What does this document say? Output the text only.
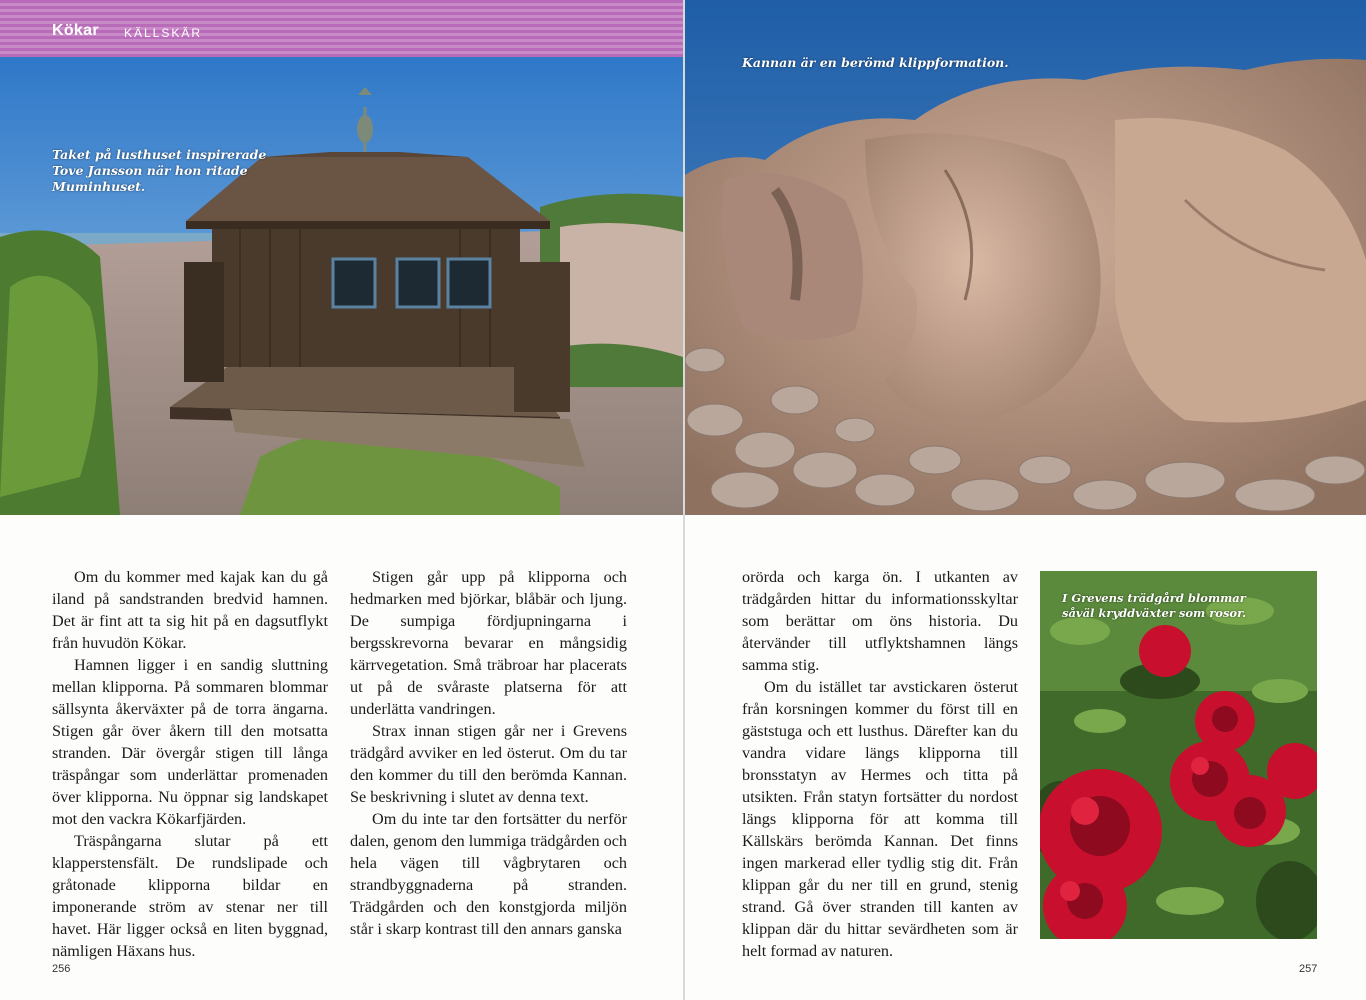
Kökar KÄLLSKÄR
Taket på lusthuset inspirerade Tove Jansson när hon ritade Muminhuset.

Om du kommer med kajak kan du gå iland på sandstranden bredvid hamnen. Det är fint att ta sig hit på en dagsutflykt från huvudön Kökar.

Hamnen ligger i en sandig sluttning mellan klipporna. På sommaren blommar sällsynta åkerväxter på de torra ängarna. Stigen går över åkern till den motsatta stranden. Där övergår stigen till långa träspångar som underlättar promenaden över klipporna. Nu öppnar sig landskapet mot den vackra Kökarfjärden.

Träspångarna slutar på ett klapperstensfält. De rundslipade och gråtonade klipporna bildar en imponerande ström av stenar ner till havet. Här ligger också en liten byggnad, nämligen Häxans hus.

Stigen går upp på klipporna och hedmarken med björkar, blåbär och ljung. De sumpiga fördjupningarna i bergsskrevorna bevarar en mångsidig kärrvegetation. Små träbroar har placerats ut på de svåraste platserna för att underlätta vandringen.

Strax innan stigen går ner i Grevens trädgård avviker en led österut. Om du tar den kommer du till den berömda Kannan. Se beskrivning i slutet av denna text.

Om du inte tar den fortsätter du nerför dalen, genom den lummiga trädgården och hela vägen till vågbrytaren och strandbyggnaderna på stranden. Trädgården och den konstgjorda miljön står i skarp kontrast till den annars ganska

256
Kannan är en berömd klippformation.

orörda och karga ön. I utkanten av trädgården hittar du informationsskyltar som berättar om öns historia. Du återvänder till utflyktshamnen längs samma stig.

Om du istället tar avstickaren österut från korsningen kommer du först till en gäststuga och ett lusthus. Därefter kan du vandra vidare längs klipporna till bronsstatyn av Hermes och titta på utsikten. Från statyn fortsätter du nordost längs klipporna för att komma till Källskärs berömda Kannan. Det finns ingen markerad eller tydlig stig dit. Från klippan går du ner till en grund, stenig strand. Gå över stranden till kanten av klippan där du hittar sevärdheten som är helt formad av naturen.

I Grevens trädgård blommar såväl kryddväxter som rosor.
257
